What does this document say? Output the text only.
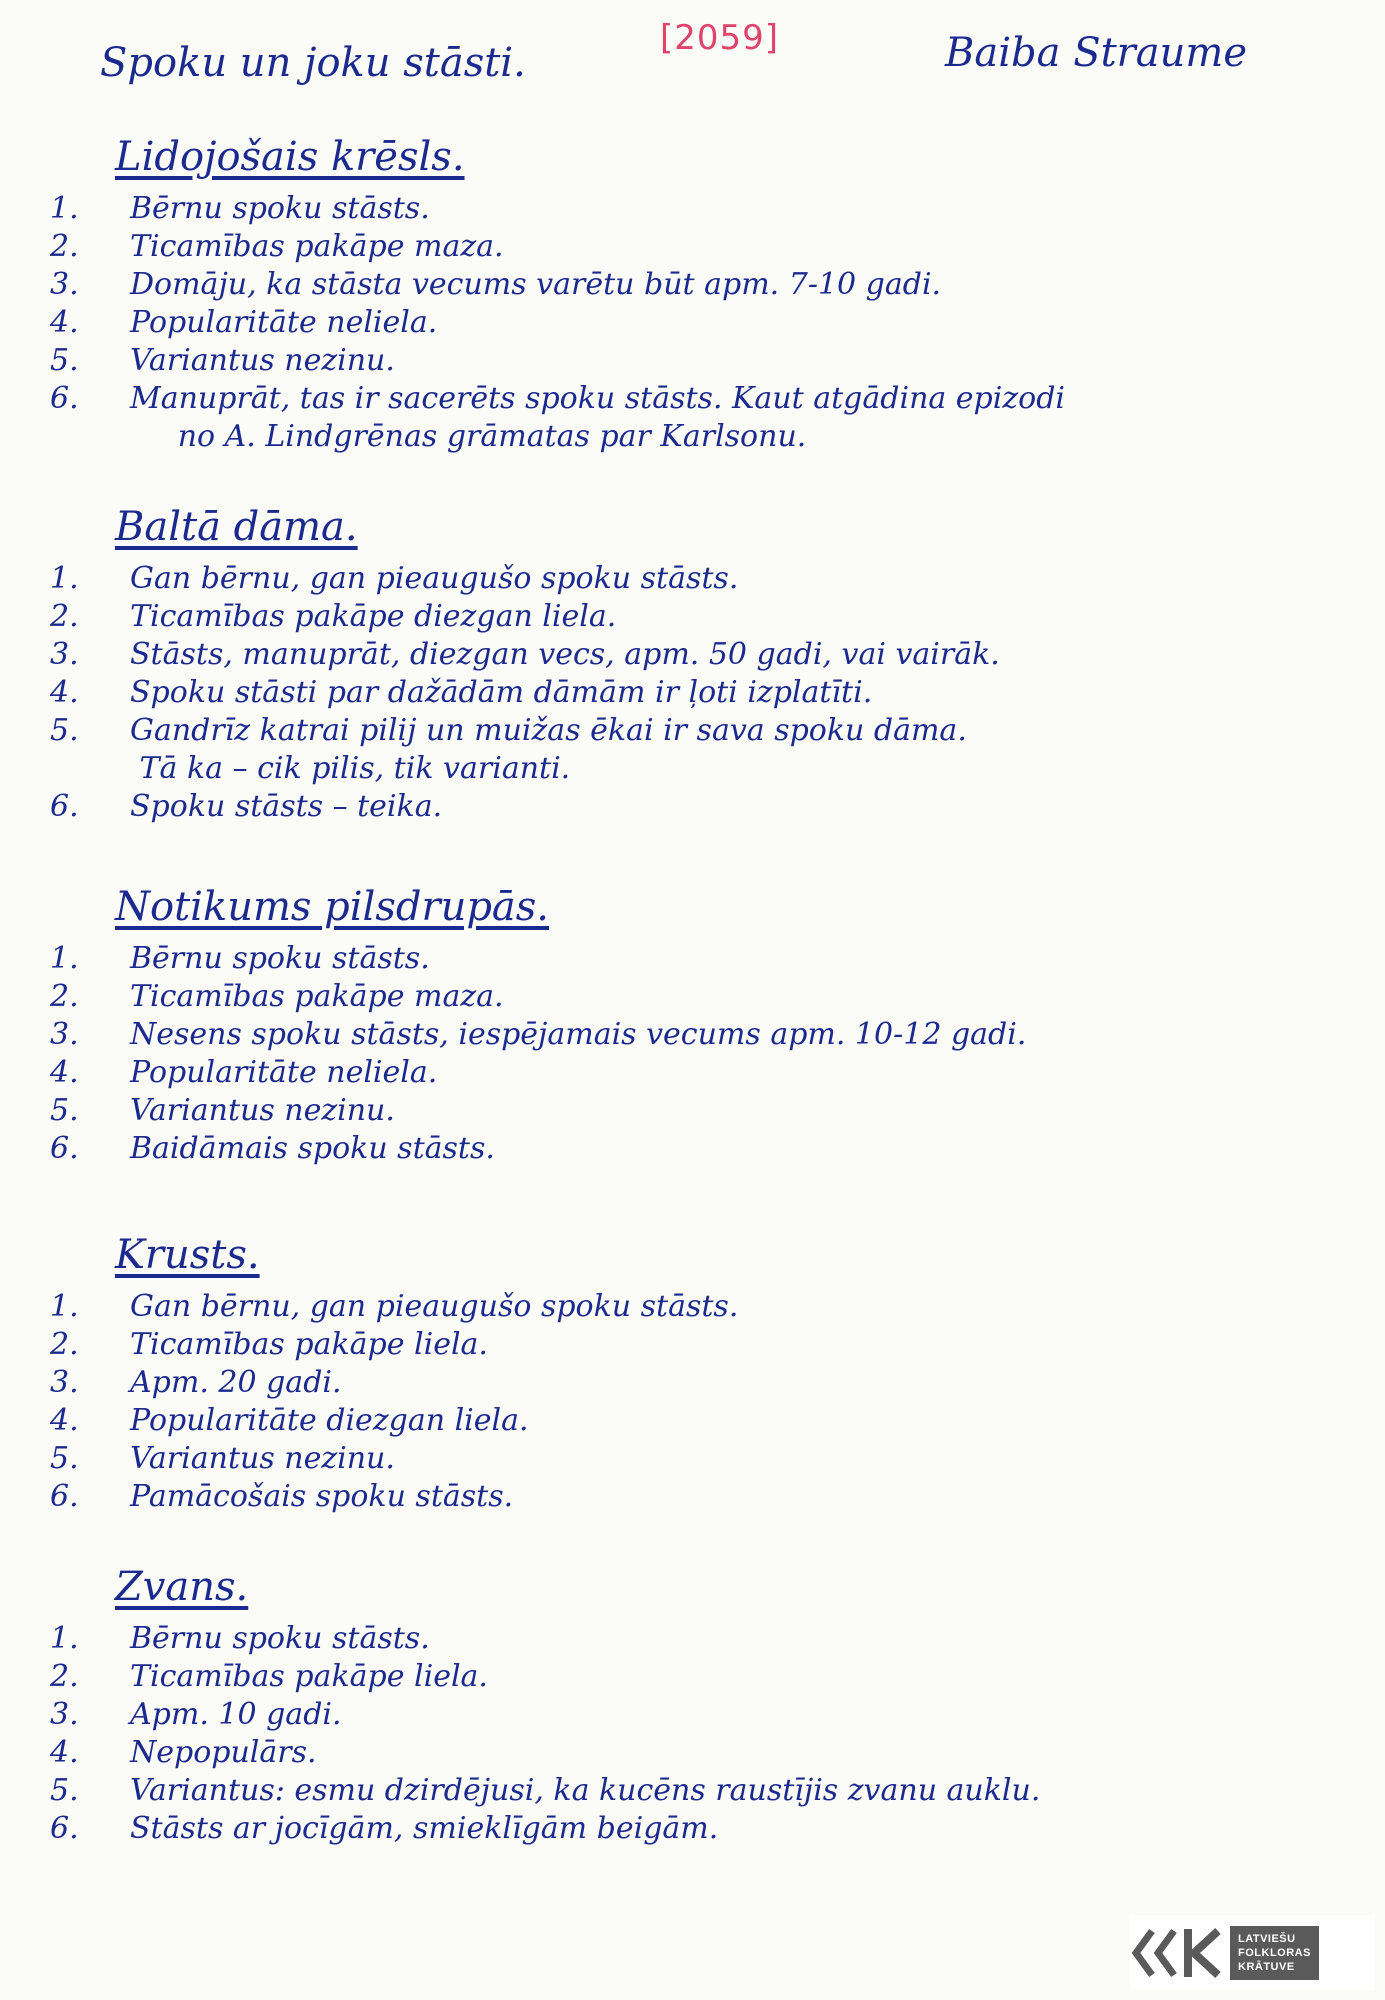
[2059]	Baiba Straume
Spoku un joku stāsti.
Lidojošais krēsls.
1.	Bērnu spoku stāsts.
2.	Ticamības pakāpe maza.
3.	Domāju, ka stāsta vecums varētu būt apm. 7-10 gadi.
4.	Popularitāte neliela.
5.	Variantus nezinu.
6.	Manuprāt, tas ir sacerēts spoku stāsts. Kaut atgādina epizodi
no A. Lindgrēnas grāmatas par Karlsonu.
Baltā dāma.
1.	Gan bērnu, gan pieaugušo spoku stāsts.
2.	Ticamības pakāpe diezgan liela.
3.	Stāsts, manuprāt, diezgan vecs, apm. 50 gadi, vai vairāk.
4.	Spoku stāsti par dažādām dāmām ir ļoti izplatīti.
5.	Gandrīz katrai pilij un muižas ēkai ir sava spoku dāma.
Tā ka – cik pilis, tik varianti.
6.	Spoku stāsts – teika.
Notikums pilsdrupās.
1.	Bērnu spoku stāsts.
2.	Ticamības pakāpe maza.
3.	Nesens spoku stāsts, iespējamais vecums apm. 10-12 gadi.
4.	Popularitāte neliela.
5.	Variantus nezinu.
6.	Baidāmais spoku stāsts.
Krusts.
1.	Gan bērnu, gan pieaugušo spoku stāsts.
2.	Ticamības pakāpe liela.
3.	Apm. 20 gadi.
4.	Popularitāte diezgan liela.
5.	Variantus nezinu.
6.	Pamācošais spoku stāsts.
Zvans.
1.	Bērnu spoku stāsts.
2.	Ticamības pakāpe liela.
3.	Apm. 10 gadi.
4.	Nepopulārs.
5.	Variantus: esmu dzirdējusi, ka kucēns raustījis zvanu auklu.
6.	Stāsts ar jocīgām, smieklīgām beigām.
LATVIEŠU
FOLKLORAS
KRĀTUVE
